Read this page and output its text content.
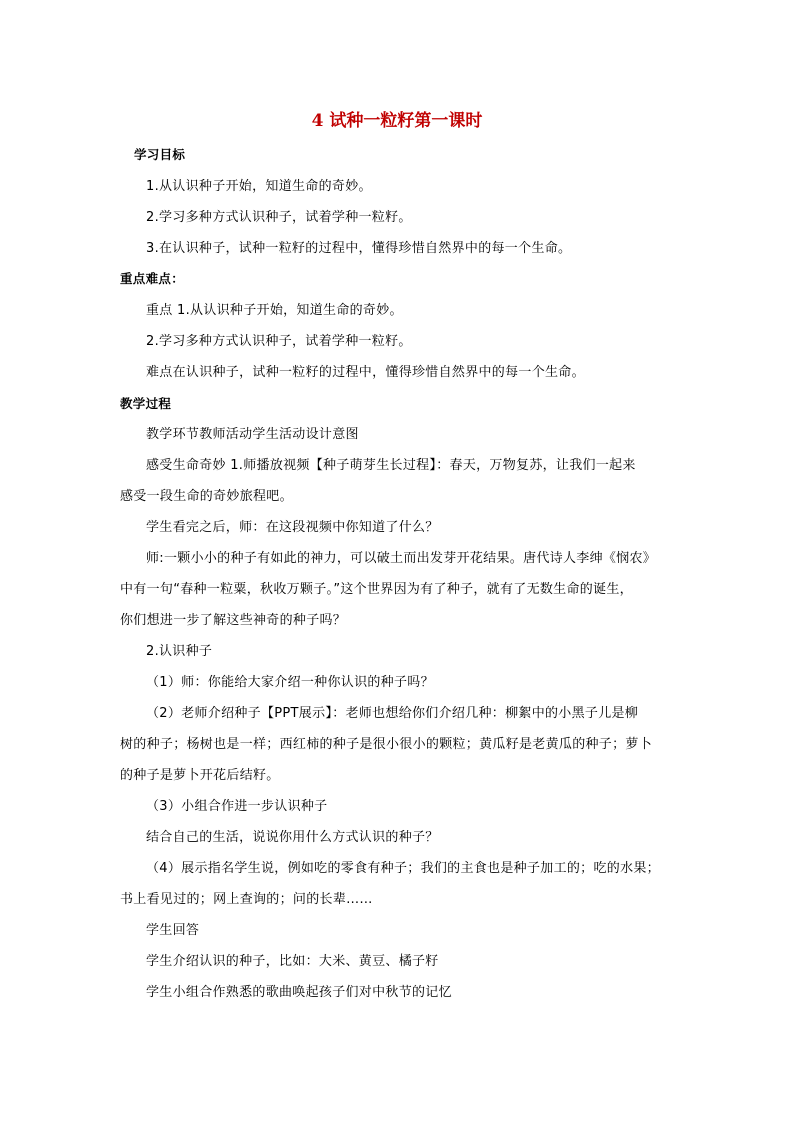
4 试种一粒籽第一课时
学习目标
1.从认识种子开始，知道生命的奇妙。
2.学习多种方式认识种子，试着学种一粒籽。
3.在认识种子，试种一粒籽的过程中，懂得珍惜自然界中的每一个生命。
重点难点：
重点 1.从认识种子开始，知道生命的奇妙。
2.学习多种方式认识种子，试着学种一粒籽。
难点在认识种子，试种一粒籽的过程中，懂得珍惜自然界中的每一个生命。
教学过程
教学环节教师活动学生活动设计意图
感受生命奇妙 1.师播放视频【种子萌芽生长过程】：春天，万物复苏，让我们一起来
感受一段生命的奇妙旅程吧。
学生看完之后，师：在这段视频中你知道了什么？
师:一颗小小的种子有如此的神力，可以破土而出发芽开花结果。唐代诗人李绅《悯农》
中有一句“春种一粒粟，秋收万颗子。”这个世界因为有了种子，就有了无数生命的诞生，
你们想进一步了解这些神奇的种子吗？
2.认识种子
（1）师：你能给大家介绍一种你认识的种子吗？
（2）老师介绍种子【PPT展示】：老师也想给你们介绍几种：柳絮中的小黑子儿是柳
树的种子；杨树也是一样；西红柿的种子是很小很小的颗粒；黄瓜籽是老黄瓜的种子；萝卜
的种子是萝卜开花后结籽。
（3）小组合作进一步认识种子
结合自己的生活，说说你用什么方式认识的种子？
（4）展示指名学生说，例如吃的零食有种子；我们的主食也是种子加工的；吃的水果；
书上看见过的；网上查询的；问的长辈……
学生回答
学生介绍认识的种子，比如：大米、黄豆、橘子籽
学生小组合作熟悉的歌曲唤起孩子们对中秋节的记忆
